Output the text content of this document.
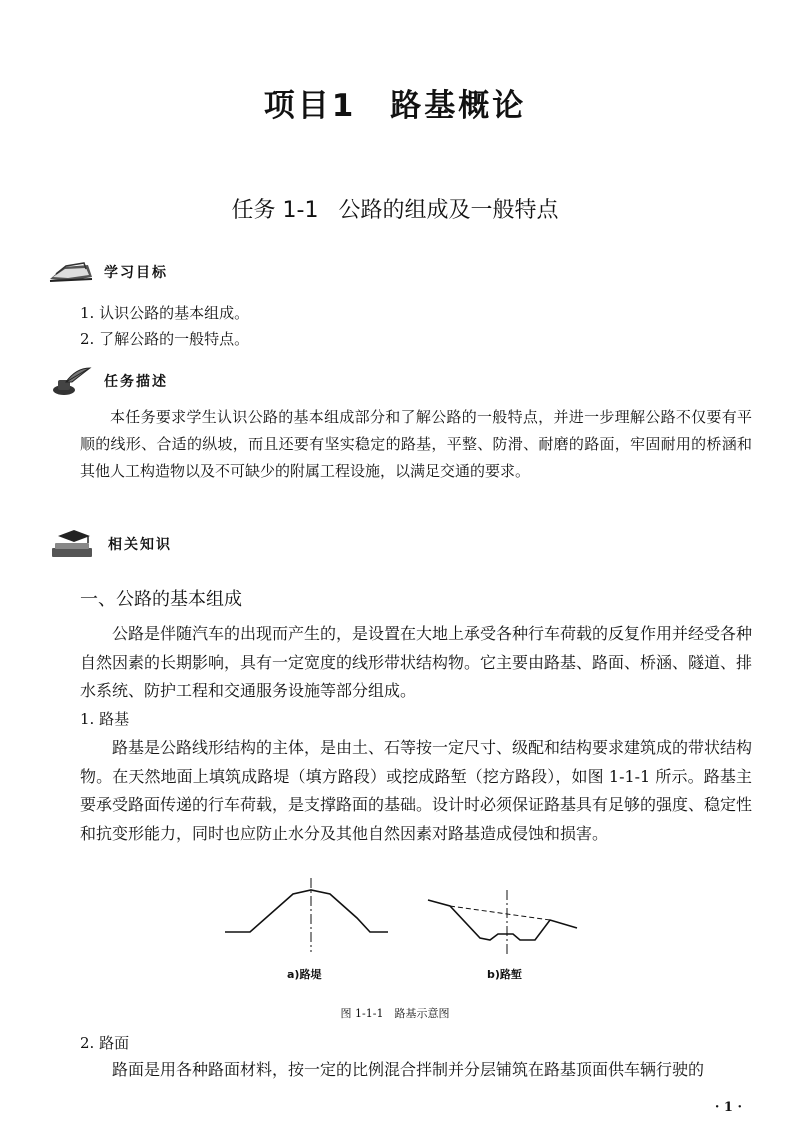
项目1 路基概论
任务 1-1 公路的组成及一般特点
学习目标
1. 认识公路的基本组成。
2. 了解公路的一般特点。
任务描述
本任务要求学生认识公路的基本组成部分和了解公路的一般特点，并进一步理解公路不仅要有平顺的线形、合适的纵坡，而且还要有坚实稳定的路基，平整、防滑、耐磨的路面，牢固耐用的桥涵和其他人工构造物以及不可缺少的附属工程设施，以满足交通的要求。
相关知识
一、公路的基本组成
公路是伴随汽车的出现而产生的，是设置在大地上承受各种行车荷载的反复作用并经受各种自然因素的长期影响，具有一定宽度的线形带状结构物。它主要由路基、路面、桥涵、隧道、排水系统、防护工程和交通服务设施等部分组成。
1. 路基
路基是公路线形结构的主体，是由土、石等按一定尺寸、级配和结构要求建筑成的带状结构物。在天然地面上填筑成路堤（填方路段）或挖成路堑（挖方路段），如图 1-1-1 所示。路基主要承受路面传递的行车荷载，是支撑路面的基础。设计时必须保证路基具有足够的强度、稳定性和抗变形能力，同时也应防止水分及其他自然因素对路基造成侵蚀和损害。
a)路堤	b)路堑
图 1-1-1　路基示意图
2. 路面
路面是用各种路面材料，按一定的比例混合拌制并分层铺筑在路基顶面供车辆行驶的
· 1 ·
